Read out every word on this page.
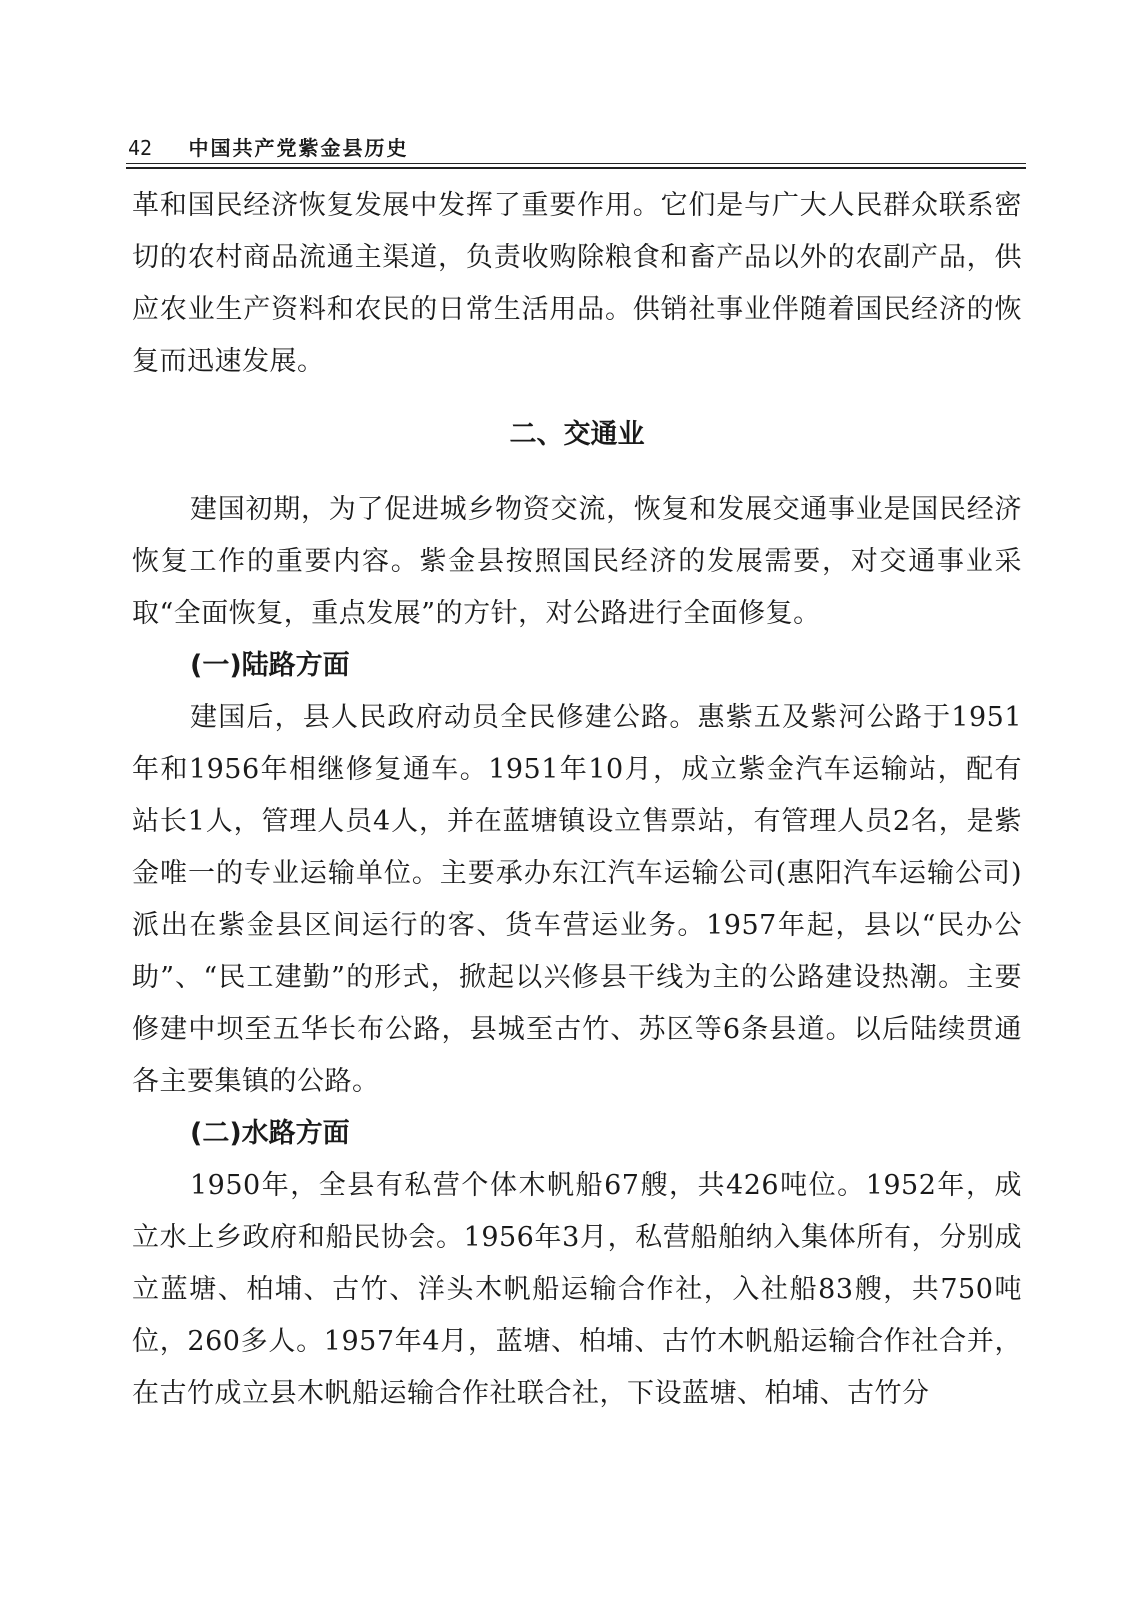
42 中国共产党紫金县历史

革和国民经济恢复发展中发挥了重要作用。它们是与广大人民群众联系密切的农村商品流通主渠道，负责收购除粮食和畜产品以外的农副产品，供应农业生产资料和农民的日常生活用品。供销社事业伴随着国民经济的恢复而迅速发展。

二、交通业

建国初期，为了促进城乡物资交流，恢复和发展交通事业是国民经济恢复工作的重要内容。紫金县按照国民经济的发展需要，对交通事业采取“全面恢复，重点发展”的方针，对公路进行全面修复。

(一)陆路方面

建国后，县人民政府动员全民修建公路。惠紫五及紫河公路于1951年和1956年相继修复通车。1951年10月，成立紫金汽车运输站，配有站长1人，管理人员4人，并在蓝塘镇设立售票站，有管理人员2名，是紫金唯一的专业运输单位。主要承办东江汽车运输公司(惠阳汽车运输公司)派出在紫金县区间运行的客、货车营运业务。1957年起，县以“民办公助”、“民工建勤”的形式，掀起以兴修县干线为主的公路建设热潮。主要修建中坝至五华长布公路，县城至古竹、苏区等6条县道。以后陆续贯通各主要集镇的公路。

(二)水路方面

1950年，全县有私营个体木帆船67艘，共426吨位。1952年，成立水上乡政府和船民协会。1956年3月，私营船舶纳入集体所有，分别成立蓝塘、柏埔、古竹、洋头木帆船运输合作社，入社船83艘，共750吨位，260多人。1957年4月，蓝塘、柏埔、古竹木帆船运输合作社合并，在古竹成立县木帆船运输合作社联合社，下设蓝塘、柏埔、古竹分
